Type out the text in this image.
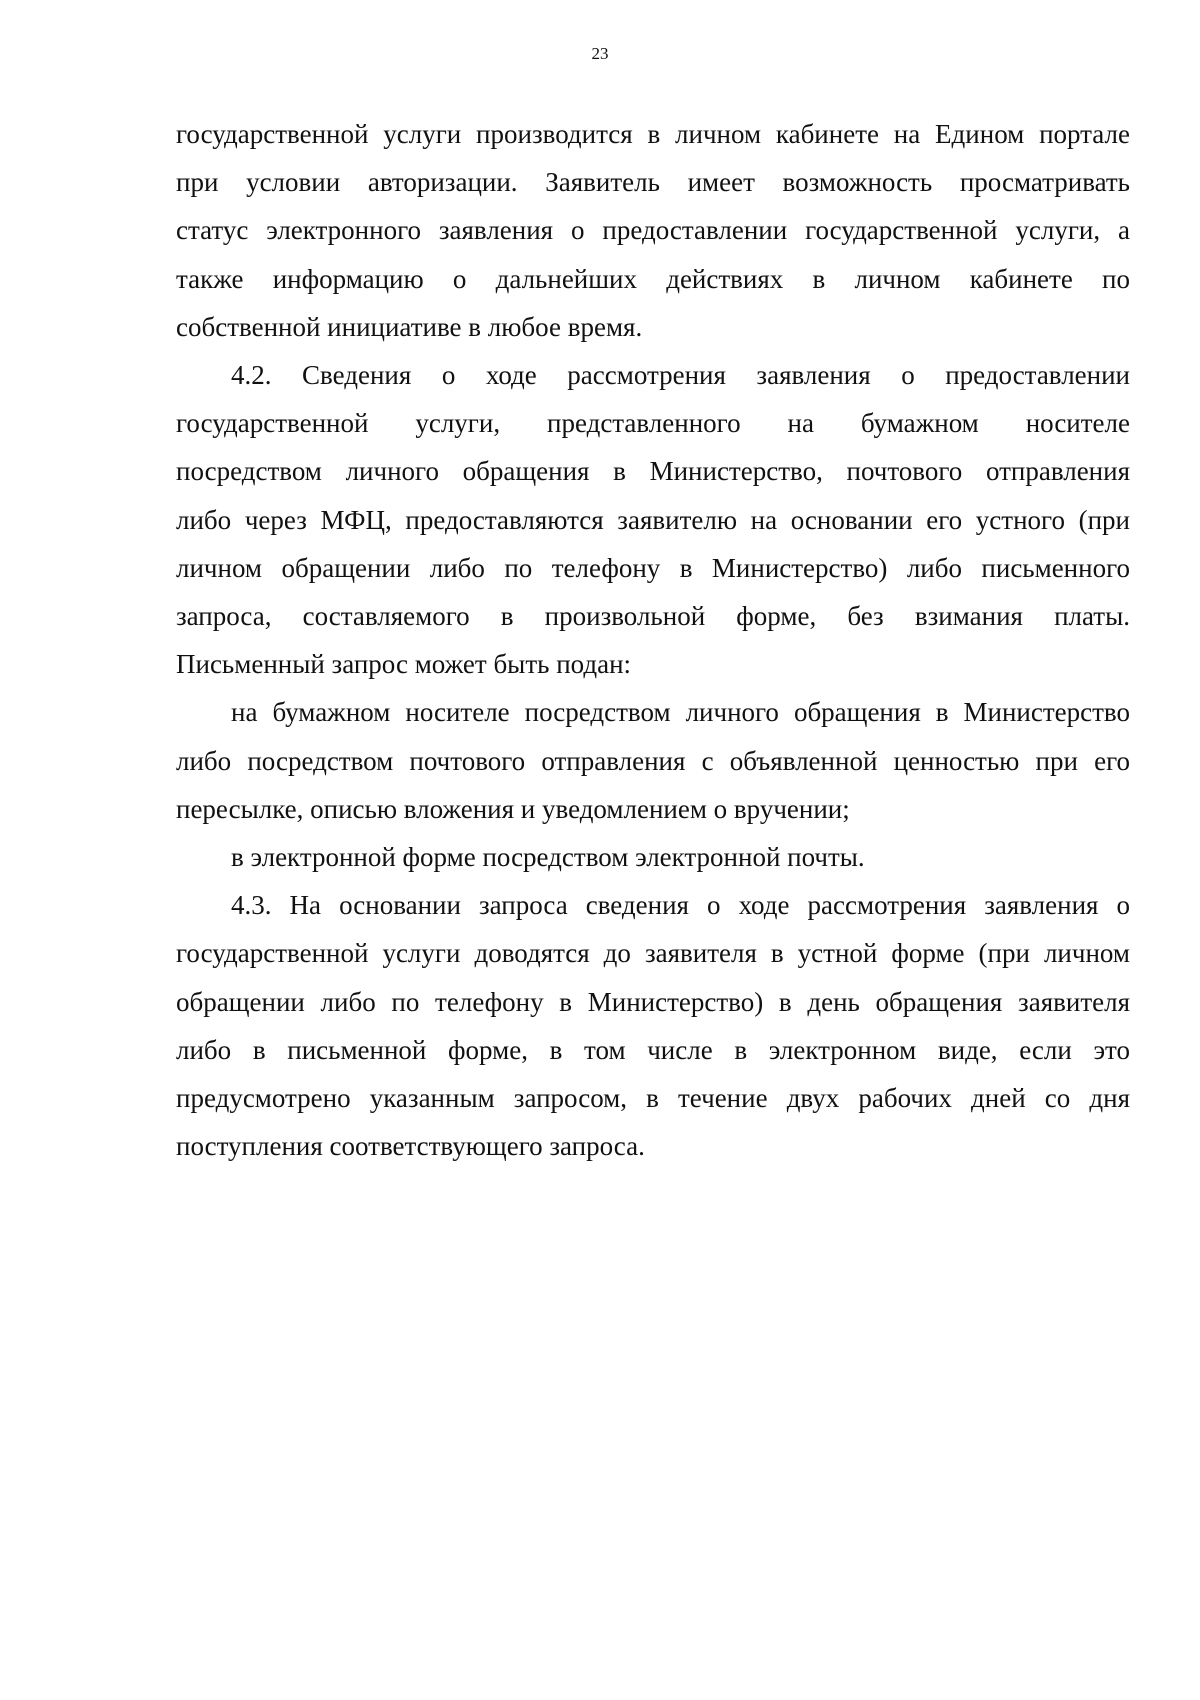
23

государственной услуги производится в личном кабинете на Едином портале
при условии авторизации. Заявитель имеет возможность просматривать
статус электронного заявления о предоставлении государственной услуги, а
также информацию о дальнейших действиях в личном кабинете по
собственной инициативе в любое время.

4.2. Сведения о ходе рассмотрения заявления о предоставлении
государственной услуги, представленного на бумажном носителе
посредством личного обращения в Министерство, почтового отправления
либо через МФЦ, предоставляются заявителю на основании его устного (при
личном обращении либо по телефону в Министерство) либо письменного
запроса, составляемого в произвольной форме, без взимания платы.
Письменный запрос может быть подан:

на бумажном носителе посредством личного обращения в Министерство
либо посредством почтового отправления с объявленной ценностью при его
пересылке, описью вложения и уведомлением о вручении;

в электронной форме посредством электронной почты.

4.3. На основании запроса сведения о ходе рассмотрения заявления о
государственной услуги доводятся до заявителя в устной форме (при личном
обращении либо по телефону в Министерство) в день обращения заявителя
либо в письменной форме, в том числе в электронном виде, если это
предусмотрено указанным запросом, в течение двух рабочих дней со дня
поступления соответствующего запроса.
